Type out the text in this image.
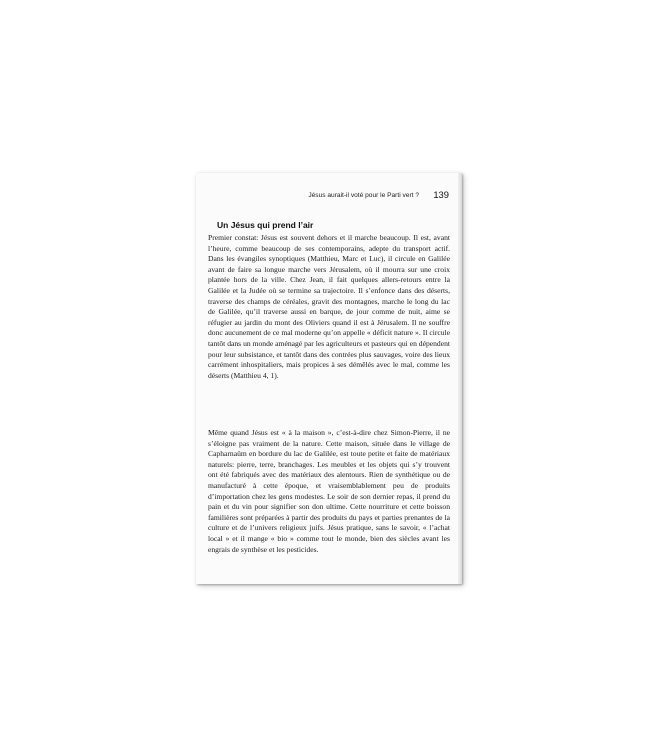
Jésus aurait-il voté pour le Parti vert ? 139
Un Jésus qui prend l’air

Premier constat: Jésus est souvent dehors et il marche beaucoup. Il est, avant l’heure, comme beaucoup de ses contemporains, adepte du transport actif. Dans les évangiles synoptiques (Matthieu, Marc et Luc), il circule en Galilée avant de faire sa longue marche vers Jérusalem, où il mourra sur une croix plantée hors de la ville. Chez Jean, il fait quelques allers-retours entre la Galilée et la Judée où se termine sa trajectoire. Il s’enfonce dans des déserts, traverse des champs de céréales, gravit des montagnes, marche le long du lac de Galilée, qu’il traverse aussi en barque, de jour comme de nuit, aime se réfugier au jardin du mont des Oliviers quand il est à Jérusalem. Il ne souffre donc aucunement de ce mal moderne qu’on appelle « déficit nature ». Il circule tantôt dans un monde aménagé par les agriculteurs et pasteurs qui en dépendent pour leur subsistance, et tantôt dans des contrées plus sauvages, voire des lieux carrément inhospitaliers, mais propices à ses démêlés avec le mal, comme les déserts (Matthieu 4, 1).

Même quand Jésus est « à la maison », c’est-à-dire chez Simon-Pierre, il ne s’éloigne pas vraiment de la nature. Cette maison, située dans le village de Capharnaüm en bordure du lac de Galilée, est toute petite et faite de matériaux naturels: pierre, terre, branchages. Les meubles et les objets qui s’y trouvent ont été fabriqués avec des matériaux des alentours. Rien de synthétique ou de manufacturé à cette époque, et vraisemblablement peu de produits d’importation chez les gens modestes. Le soir de son dernier repas, il prend du pain et du vin pour signifier son don ultime. Cette nourriture et cette boisson familières sont préparées à partir des produits du pays et parties prenantes de la culture et de l’univers religieux juifs. Jésus pratique, sans le savoir, « l’achat local » et il mange « bio » comme tout le monde, bien des siècles avant les engrais de synthèse et les pesticides.
